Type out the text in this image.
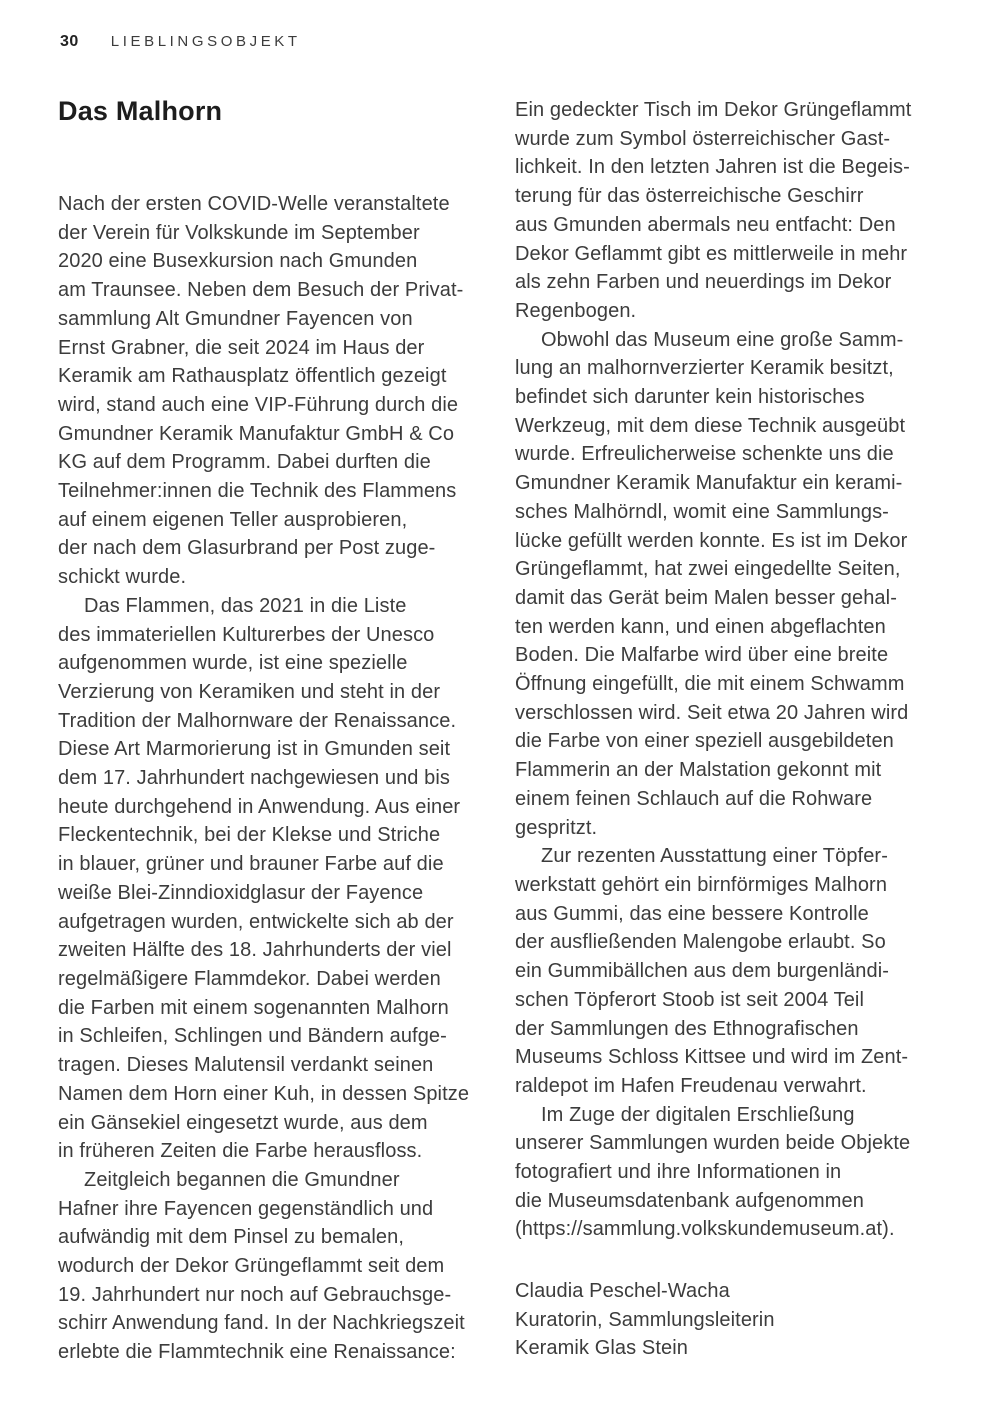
30 LIEBLINGSOBJEKT
Das Malhorn
Nach der ersten COVID-Welle veranstaltete
der Verein für Volkskunde im September
2020 eine Busexkursion nach Gmunden
am Traunsee. Neben dem Besuch der Privat-
sammlung Alt Gmundner Fayencen von
Ernst Grabner, die seit 2024 im Haus der
Keramik am Rathausplatz öffentlich gezeigt
wird, stand auch eine VIP-Führung durch die
Gmundner Keramik Manufaktur GmbH & Co
KG auf dem Programm. Dabei durften die
Teilnehmer:innen die Technik des Flammens
auf einem eigenen Teller ausprobieren,
der nach dem Glasurbrand per Post zuge-
schickt wurde.
Das Flammen, das 2021 in die Liste
des immateriellen Kulturerbes der Unesco
aufgenommen wurde, ist eine spezielle
Verzierung von Keramiken und steht in der
Tradition der Malhornware der Renaissance.
Diese Art Marmorierung ist in Gmunden seit
dem 17. Jahrhundert nachgewiesen und bis
heute durchgehend in Anwendung. Aus einer
Fleckentechnik, bei der Klekse und Striche
in blauer, grüner und brauner Farbe auf die
weiße Blei-Zinndioxidglasur der Fayence
aufgetragen wurden, entwickelte sich ab der
zweiten Hälfte des 18. Jahrhunderts der viel
regelmäßigere Flammdekor. Dabei werden
die Farben mit einem sogenannten Malhorn
in Schleifen, Schlingen und Bändern aufge-
tragen. Dieses Malutensil verdankt seinen
Namen dem Horn einer Kuh, in dessen Spitze
ein Gänsekiel eingesetzt wurde, aus dem
in früheren Zeiten die Farbe herausfloss.
Zeitgleich begannen die Gmundner
Hafner ihre Fayencen gegenständlich und
aufwändig mit dem Pinsel zu bemalen,
wodurch der Dekor Grüngeflammt seit dem
19. Jahrhundert nur noch auf Gebrauchsge-
schirr Anwendung fand. In der Nachkriegszeit
erlebte die Flammtechnik eine Renaissance:
Ein gedeckter Tisch im Dekor Grüngeflammt
wurde zum Symbol österreichischer Gast-
lichkeit. In den letzten Jahren ist die Begeis-
terung für das österreichische Geschirr
aus Gmunden abermals neu entfacht: Den
Dekor Geflammt gibt es mittlerweile in mehr
als zehn Farben und neuerdings im Dekor
Regenbogen.
Obwohl das Museum eine große Samm-
lung an malhornverzierter Keramik besitzt,
befindet sich darunter kein historisches
Werkzeug, mit dem diese Technik ausgeübt
wurde. Erfreulicherweise schenkte uns die
Gmundner Keramik Manufaktur ein kerami-
sches Malhörndl, womit eine Sammlungs-
lücke gefüllt werden konnte. Es ist im Dekor
Grüngeflammt, hat zwei eingedellte Seiten,
damit das Gerät beim Malen besser gehal-
ten werden kann, und einen abgeflachten
Boden. Die Malfarbe wird über eine breite
Öffnung eingefüllt, die mit einem Schwamm
verschlossen wird. Seit etwa 20 Jahren wird
die Farbe von einer speziell ausgebildeten
Flammerin an der Malstation gekonnt mit
einem feinen Schlauch auf die Rohware
gespritzt.
Zur rezenten Ausstattung einer Töpfer-
werkstatt gehört ein birnförmiges Malhorn
aus Gummi, das eine bessere Kontrolle
der ausfließenden Malengobe erlaubt. So
ein Gummibällchen aus dem burgenländi-
schen Töpferort Stoob ist seit 2004 Teil
der Sammlungen des Ethnografischen
Museums Schloss Kittsee und wird im Zent-
raldepot im Hafen Freudenau verwahrt.
Im Zuge der digitalen Erschließung
unserer Sammlungen wurden beide Objekte
fotografiert und ihre Informationen in
die Museumsdatenbank aufgenommen
(https://sammlung.volkskundemuseum.at).
Claudia Peschel-Wacha
Kuratorin, Sammlungsleiterin
Keramik Glas Stein
